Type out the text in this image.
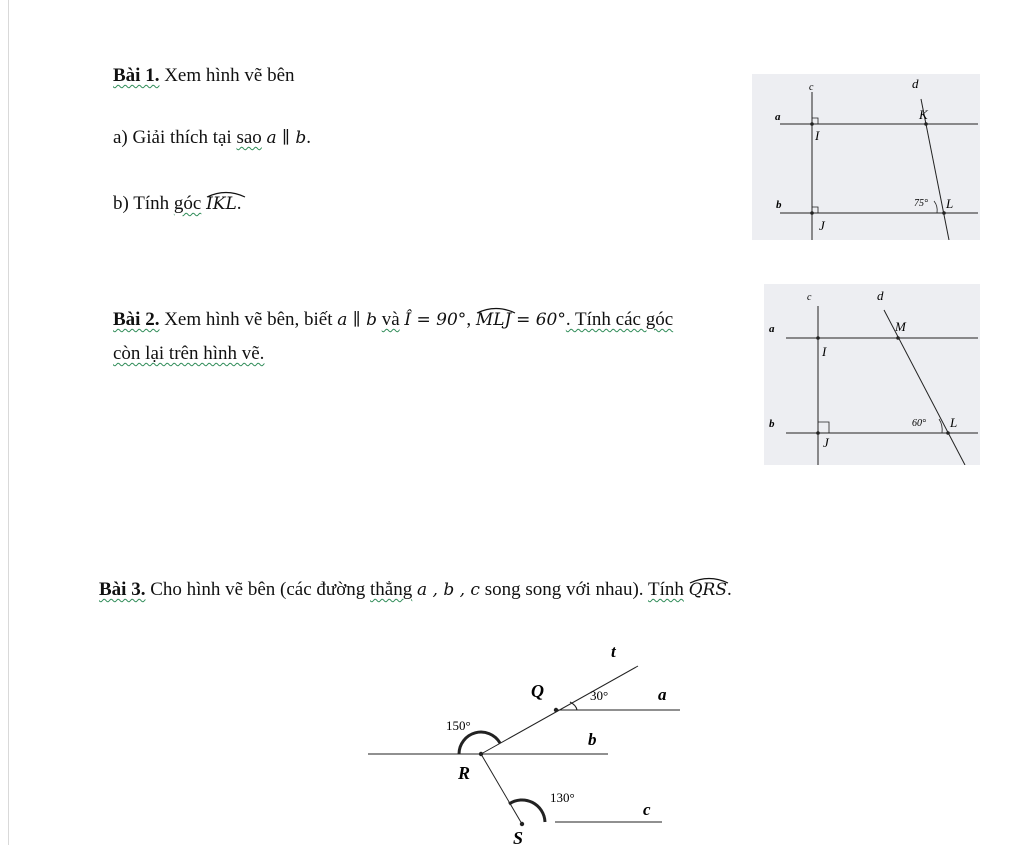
Bài 1. Xem hình vẽ bên
a) Giải thích tại sao a ∥ b.
b) Tính góc IKL.
c	d
a
b
K
I
J
L
75°
Bài 2. Xem hình vẽ bên, biết a ∥ b và Î = 90°, MLJ = 60°. Tính các góc
còn lại trên hình vẽ.
c	d
a
b
M
I
J
L
60°
Bài 3. Cho hình vẽ bên (các đường thẳng a , b , c song song với nhau). Tính QRS.
t
Q	30°	a
150°
b
R
130°
c
S
